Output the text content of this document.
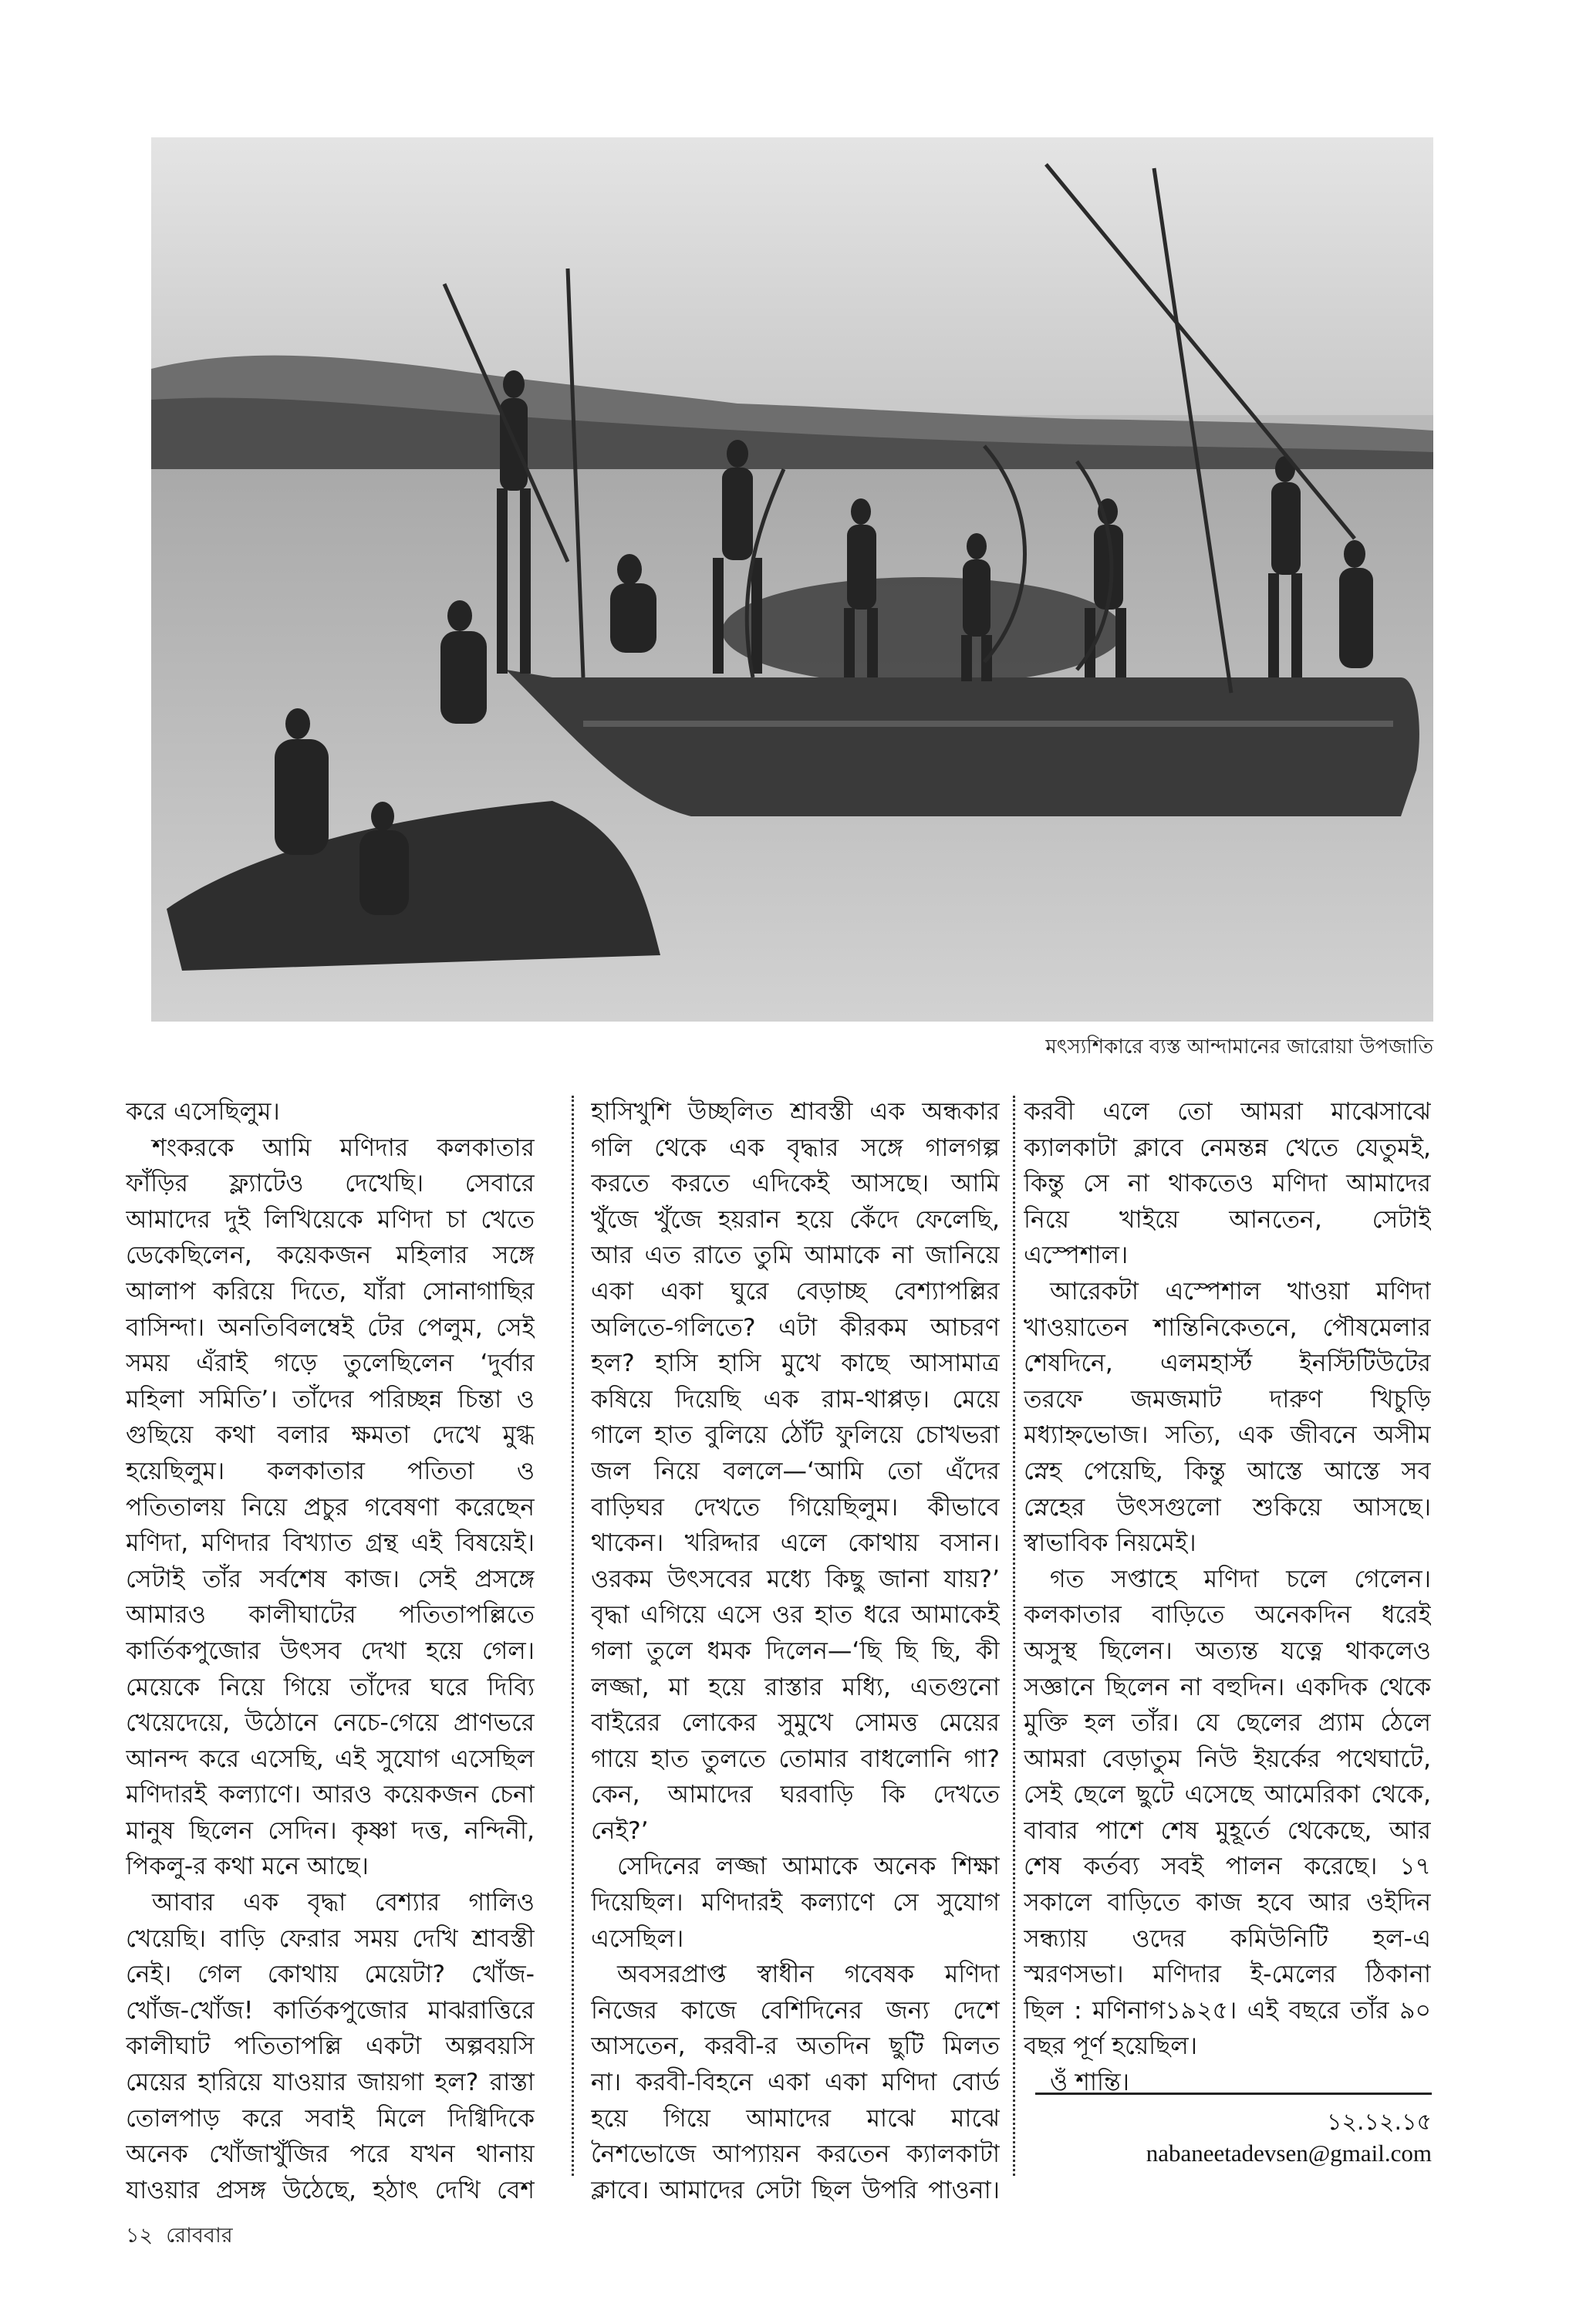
মৎস্যশিকারে ব্যস্ত আন্দামানের জারোয়া উপজাতি

করে এসেছিলুম।

শংকরকে আমি মণিদার কলকাতার

ফাঁড়ির ফ্ল্যাটেও দেখেছি। সেবারে

আমাদের দুই লিখিয়েকে মণিদা চা খেতে

ডেকেছিলেন, কয়েকজন মহিলার সঙ্গে

আলাপ করিয়ে দিতে, যাঁরা সোনাগাছির

বাসিন্দা। অনতিবিলম্বেই টের পেলুম, সেই

সময় এঁরাই গড়ে তুলেছিলেন ‘দুর্বার

মহিলা সমিতি’। তাঁদের পরিচ্ছন্ন চিন্তা ও

গুছিয়ে কথা বলার ক্ষমতা দেখে মুগ্ধ

হয়েছিলুম। কলকাতার পতিতা ও

পতিতালয় নিয়ে প্রচুর গবেষণা করেছেন

মণিদা, মণিদার বিখ্যাত গ্রন্থ এই বিষয়েই।

সেটাই তাঁর সর্বশেষ কাজ। সেই প্রসঙ্গে

আমারও কালীঘাটের পতিতাপল্লিতে

কার্তিকপুজোর উৎসব দেখা হয়ে গেল।

মেয়েকে নিয়ে গিয়ে তাঁদের ঘরে দিব্যি

খেয়েদেয়ে, উঠোনে নেচে-গেয়ে প্রাণভরে

আনন্দ করে এসেছি, এই সুযোগ এসেছিল

মণিদারই কল্যাণে। আরও কয়েকজন চেনা

মানুষ ছিলেন সেদিন। কৃষ্ণা দত্ত, নন্দিনী,

পিকলু-র কথা মনে আছে।

আবার এক বৃদ্ধা বেশ্যার গালিও

খেয়েছি। বাড়ি ফেরার সময় দেখি শ্রাবস্তী

নেই। গেল কোথায় মেয়েটা? খোঁজ-

খোঁজ-খোঁজ! কার্তিকপুজোর মাঝরাত্তিরে

কালীঘাট পতিতাপল্লি একটা অল্পবয়সি

মেয়ের হারিয়ে যাওয়ার জায়গা হল? রাস্তা

তোলপাড় করে সবাই মিলে দিগ্বিদিকে

অনেক খোঁজাখুঁজির পরে যখন থানায়

যাওয়ার প্রসঙ্গ উঠেছে, হঠাৎ দেখি বেশ

হাসিখুশি উচ্ছলিত শ্রাবস্তী এক অন্ধকার

গলি থেকে এক বৃদ্ধার সঙ্গে গালগল্প

করতে করতে এদিকেই আসছে। আমি

খুঁজে খুঁজে হয়রান হয়ে কেঁদে ফেলেছি,

আর এত রাতে তুমি আমাকে না জানিয়ে

একা একা ঘুরে বেড়াচ্ছ বেশ্যাপল্লির

অলিতে-গলিতে? এটা কীরকম আচরণ

হল? হাসি হাসি মুখে কাছে আসামাত্র

কষিয়ে দিয়েছি এক রাম-থাপ্পড়। মেয়ে

গালে হাত বুলিয়ে ঠোঁট ফুলিয়ে চোখভরা

জল নিয়ে বললে—‘আমি তো এঁদের

বাড়িঘর দেখতে গিয়েছিলুম। কীভাবে

থাকেন। খরিদ্দার এলে কোথায় বসান।

ওরকম উৎসবের মধ্যে কিছু জানা যায়?’

বৃদ্ধা এগিয়ে এসে ওর হাত ধরে আমাকেই

গলা তুলে ধমক দিলেন—‘ছি ছি ছি, কী

লজ্জা, মা হয়ে রাস্তার মধ্যি, এতগুনো

বাইরের লোকের সুমুখে সোমত্ত মেয়ের

গায়ে হাত তুলতে তোমার বাধলোনি গা?

কেন, আমাদের ঘরবাড়ি কি দেখতে

নেই?’

সেদিনের লজ্জা আমাকে অনেক শিক্ষা

দিয়েছিল। মণিদারই কল্যাণে সে সুযোগ

এসেছিল।

অবসরপ্রাপ্ত স্বাধীন গবেষক মণিদা

নিজের কাজে বেশিদিনের জন্য দেশে

আসতেন, করবী-র অতদিন ছুটি মিলত

না। করবী-বিহনে একা একা মণিদা বোর্ড

হয়ে গিয়ে আমাদের মাঝে মাঝে

নৈশভোজে আপ্যায়ন করতেন ক্যালকাটা

ক্লাবে। আমাদের সেটা ছিল উপরি পাওনা।

করবী এলে তো আমরা মাঝেসাঝে

ক্যালকাটা ক্লাবে নেমন্তন্ন খেতে যেতুমই,

কিন্তু সে না থাকতেও মণিদা আমাদের

নিয়ে খাইয়ে আনতেন, সেটাই

এস্পেশাল।

আরেকটা এস্পেশাল খাওয়া মণিদা

খাওয়াতেন শান্তিনিকেতনে, পৌষমেলার

শেষদিনে, এলমহার্স্ট ইনস্টিটিউটের

তরফে জমজমাট দারুণ খিচুড়ি

মধ্যাহ্নভোজ। সত্যি, এক জীবনে অসীম

স্নেহ পেয়েছি, কিন্তু আস্তে আস্তে সব

স্নেহের উৎসগুলো শুকিয়ে আসছে।

স্বাভাবিক নিয়মেই।

গত সপ্তাহে মণিদা চলে গেলেন।

কলকাতার বাড়িতে অনেকদিন ধরেই

অসুস্থ ছিলেন। অত্যন্ত যত্নে থাকলেও

সজ্ঞানে ছিলেন না বহুদিন। একদিক থেকে

মুক্তি হল তাঁর। যে ছেলের প্র্যাম ঠেলে

আমরা বেড়াতুম নিউ ইয়র্কের পথেঘাটে,

সেই ছেলে ছুটে এসেছে আমেরিকা থেকে,

বাবার পাশে শেষ মুহূর্তে থেকেছে, আর

শেষ কর্তব্য সবই পালন করেছে। ১৭

সকালে বাড়িতে কাজ হবে আর ওইদিন

সন্ধ্যায় ওদের কমিউনিটি হল-এ

স্মরণসভা। মণিদার ই-মেলের ঠিকানা

ছিল : মণিনাগ১৯২৫। এই বছরে তাঁর ৯০

বছর পূর্ণ হয়েছিল।

ওঁ শান্তি।

১২.১২.১৫
nabaneetadevsen@gmail.com
১২ রোববার
